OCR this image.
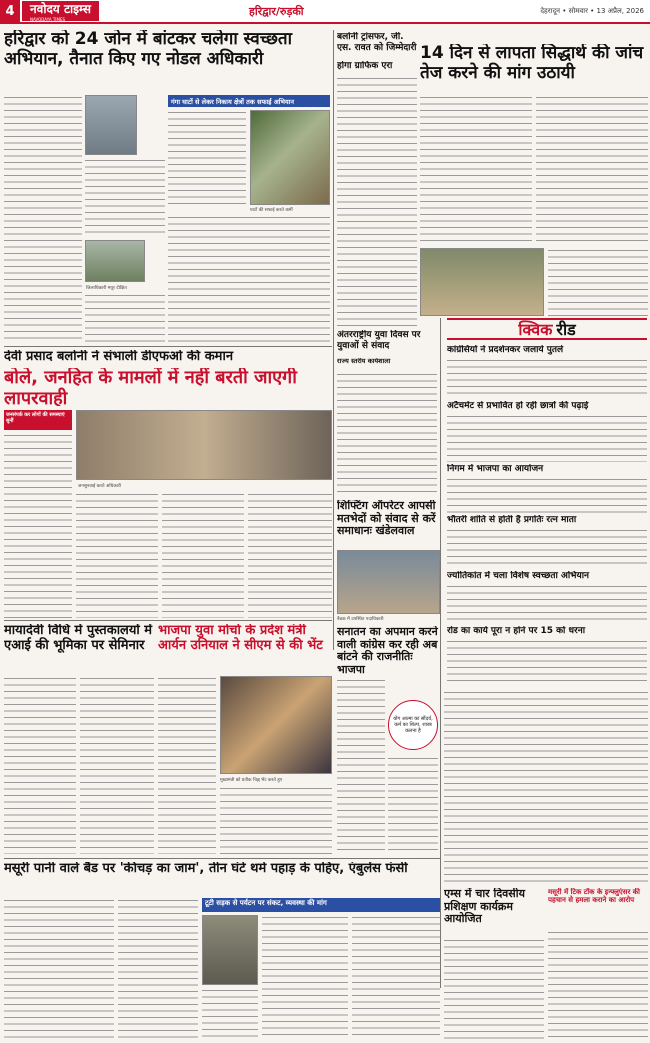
4	नवोदय टाइम्स
NAVODAYA TIMES
हरिद्वार/रुड़की	देहरादून • सोमवार • 13 अप्रैल, 2026
हरिद्वार को 24 जोन में बांटकर चलेगा स्वच्छता अभियान, तैनात किए गए नोडल अधिकारी
जिलाधिकारी मयूर दीक्षित
गंगा घाटों से लेकर निकाय क्षेत्रों तक सफाई अभियान
घाटों की सफाई करते कर्मी
बलोनी ट्रांसफर, जी. एस. रावत को जिम्मेदारी
होगा ग्राफिक एरा
14 दिन से लापता सिद्धार्थ की जांच तेज करने की मांग उठायी
देवी प्रसाद बलोनी ने संभाली डीएफओ की कमान
बोले, जनहित के मामलों में नहीं बरती जाएगी लापरवाही
जनसंपर्क कर लोगों की समस्याएं सुनीं
जनसुनवाई करते अधिकारी
अंतरराष्ट्रीय युवा दिवस पर युवाओं से संवाद
राज्य स्तरीय कार्यशाला
क्विक रीड
कांग्रेसियों ने प्रदर्शनकर जलाये पुतले
अटैचमेंट से प्रभावित हो रही छात्रों की पढ़ाई
निगम में भाजपा का आयोजन
भौतरी शांति से होती है प्रगतिः रत्न माता
ज्योतिकांत में चला विशेष स्वच्छता अभियान
रोड का कार्य पूरा न होने पर 15 को धरना
मायादेवी विधि में पुस्तकालयों में एआई की भूमिका पर सेमिनार
भाजपा युवा मोर्चा के प्रदेश मंत्री आर्यन उनियाल ने सीएम से की भेंट
मुख्यमंत्री को प्रतीक चिह्न भेंट करते हुए
मसूरी पानी वाले बैंड पर 'कीचड़ का जाम', तीन घंटे थमे पहाड़ के पहिए, एंबुलेंस फंसी
टूटी सड़क से पर्यटन पर संकट, व्यवस्था की मांग
शिफ्टिंग ऑपरेटर आपसी मतभेदों को संवाद से करें समाधानः खंडेलवाल
बैठक में उपस्थित पदाधिकारी
सनातन का अपमान करने वाली कांग्रेस कर रही अब बांटने की राजनीतिः भाजपा
योग आत्मा का सौंदर्य, कर्म का शिल्प, शास्त्र कलना है
एम्स में चार दिवसीय प्रशिक्षण कार्यक्रम आयोजित
मसूरी में टिक टॉक के इन्फ्लुएंसर की पहचान से हमला कराने का आरोप
